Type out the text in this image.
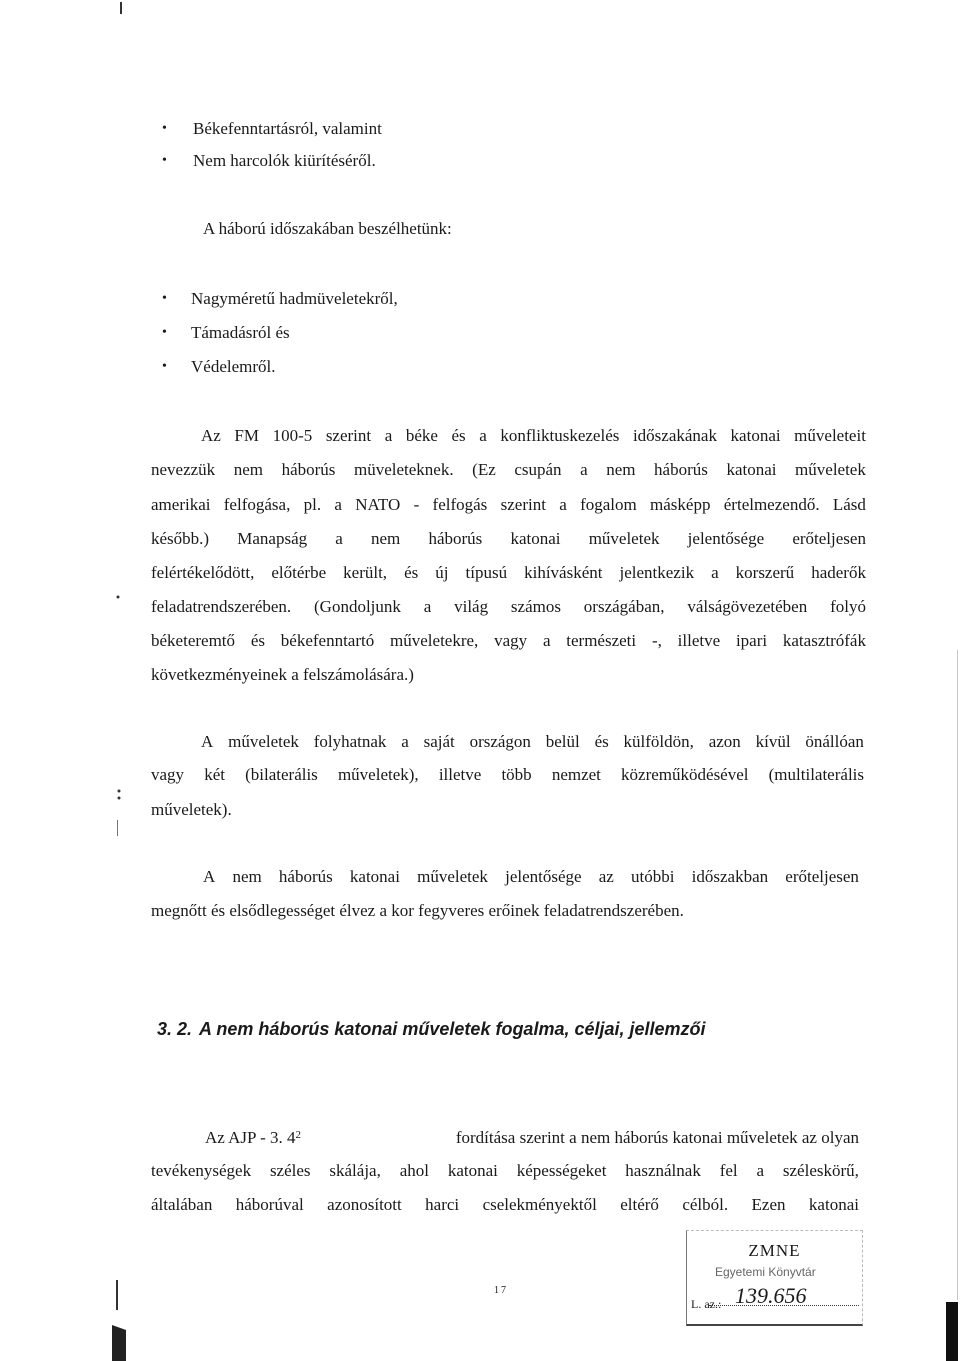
• Békefenntartásról, valamint
• Nem harcolók kiürítéséről.
A háború időszakában beszélhetünk:
• Nagyméretű hadmüveletekről,
• Támadásról és
• Védelemről.
Az FM 100-5 szerint a béke és a konfliktuskezelés időszakának katonai műveleteit
nevezzük nem háborús müveleteknek. (Ez csupán a nem háborús katonai műveletek
amerikai felfogása, pl. a NATO - felfogás szerint a fogalom másképp értelmezendő. Lásd
később.) Manapság a nem háborús katonai műveletek jelentősége erőteljesen
felértékelődött, előtérbe került, és új típusú kihívásként jelentkezik a korszerű haderők
feladatrendszerében. (Gondoljunk a világ számos országában, válságövezetében folyó
béketeremtő és békefenntartó műveletekre, vagy a természeti -, illetve ipari katasztrófák
következményeinek a felszámolására.)
A műveletek folyhatnak a saját országon belül és külföldön, azon kívül önállóan
vagy két (bilaterális műveletek), illetve több nemzet közreműködésével (multilaterális
műveletek).
A nem háborús katonai műveletek jelentősége az utóbbi időszakban erőteljesen
megnőtt és elsődlegességet élvez a kor fegyveres erőinek feladatrendszerében.
3. 2. A nem háborús katonai műveletek fogalma, céljai, jellemzői
Az AJP - 3. $4^2$	fordítása szerint a nem háborús katonai műveletek az olyan
tevékenységek széles skálája, ahol katonai képességeket használnak fel a széleskörű,
általában háborúval azonosított harci cselekményektől eltérő célból. Ezen katonai
17
ZMNE
Egyetemi Könyvtár
139.656
L. az.:
